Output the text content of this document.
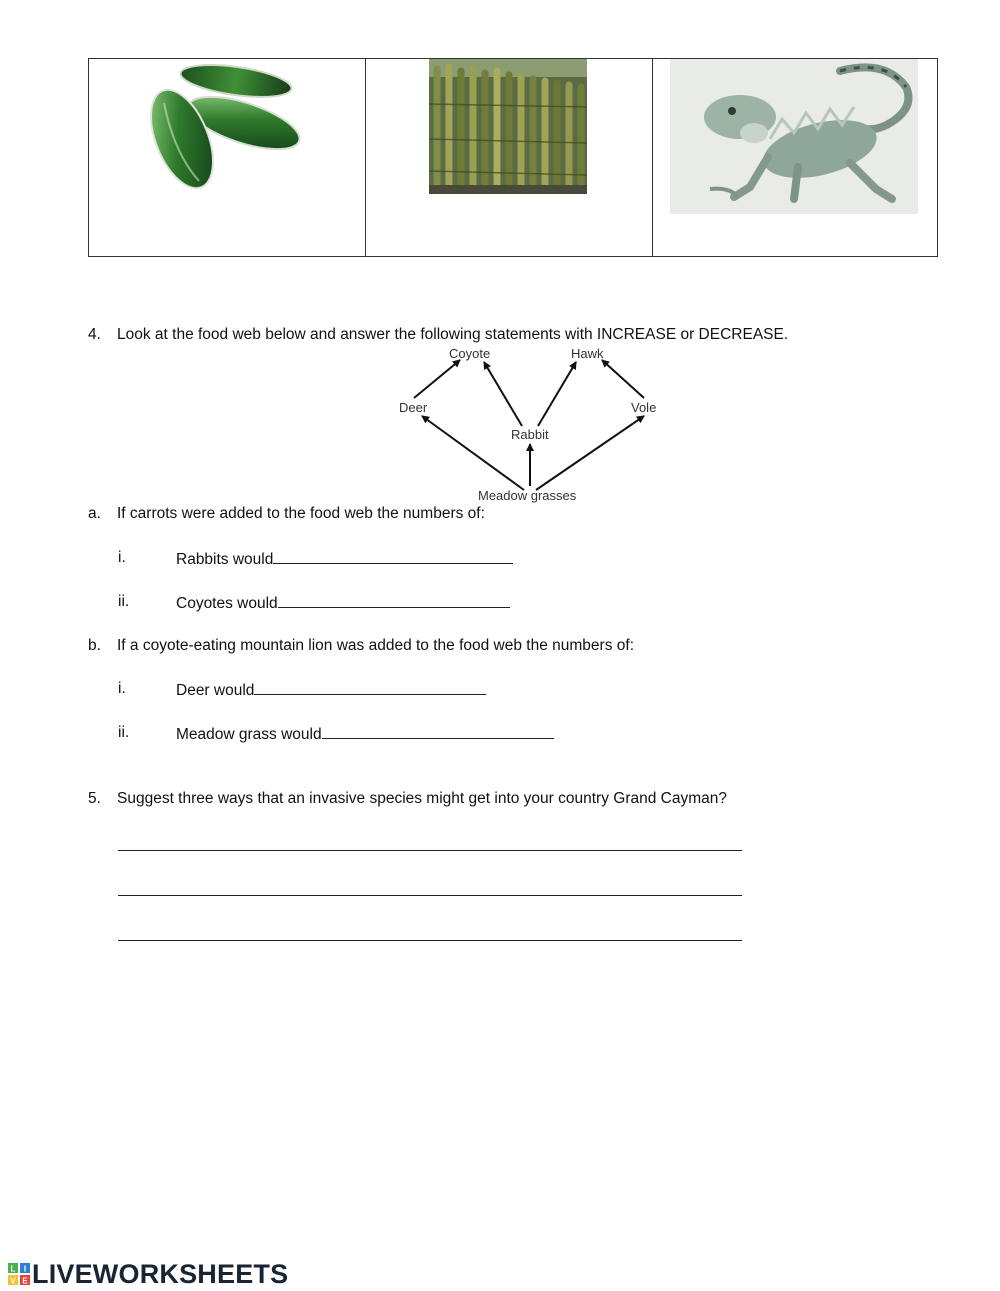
4. Look at the food web below and answer the following statements with INCREASE or DECREASE.
Coyote	Hawk
Deer	Vole
Rabbit
Meadow grasses
a. If carrots were added to the food web the numbers of:
i.	Rabbits would
ii.	Coyotes would
b. If a coyote-eating mountain lion was added to the food web the numbers of:
i.	Deer would
ii.	Meadow grass would
5. Suggest three ways that an invasive species might get into your country Grand Cayman?
L I
V E LIVEWORKSHEETS
